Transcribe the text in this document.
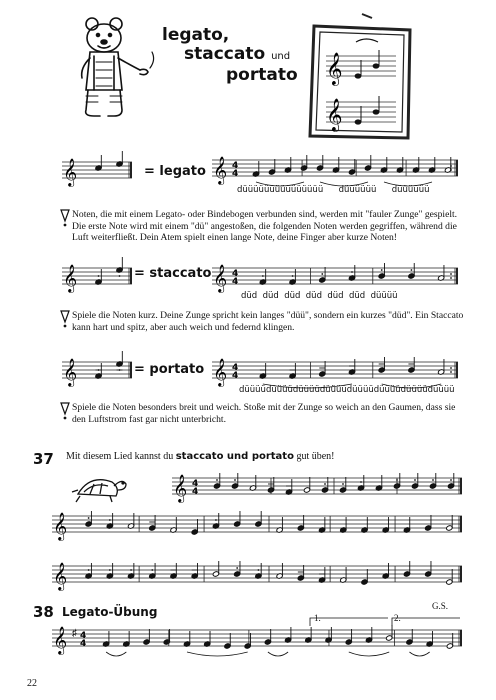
legato,
staccato und
portato	𝄞
𝄞
𝄞	= legato 𝄞 4
4
düüüüüüüüüüüüüüü düüüüüü düüüüüü
Noten, die mit einem Legato- oder Bindebogen verbunden sind, werden mit "fauler Zunge" gespielt. Die erste Note wird mit einem "dü" angestoßen, die folgenden Noten werden gegriffen, während die Luft weiterfließt. Dein Atem spielt einen lange Note, deine Finger aber kurze Noten!
𝄞	= staccato 𝄞 4
4
düd düd düd düd düd düd düüüü
Spiele die Noten kurz. Deine Zunge spricht kein langes "düü", sondern ein kurzes "düd". Ein Staccato kann hart und spitz, aber auch weich und federnd klingen.
𝄞	= portato 𝄞 4
4
düüüüdüüüüdüüüüdüüüüdüüüüdüüüüdüüüüdüüüü
Spiele die Noten besonders breit und weich. Stoße mit der Zunge so weich an den Gaumen, dass sie den Luftstrom fast gar nicht unterbricht.
37 Mit diesem Lied kannst du staccato und portato gut üben!
𝄞 4
4
𝄞
𝄞
38 Legato-Übung	G.S.
𝄞 ♯ 4
4
1.	2.
22
